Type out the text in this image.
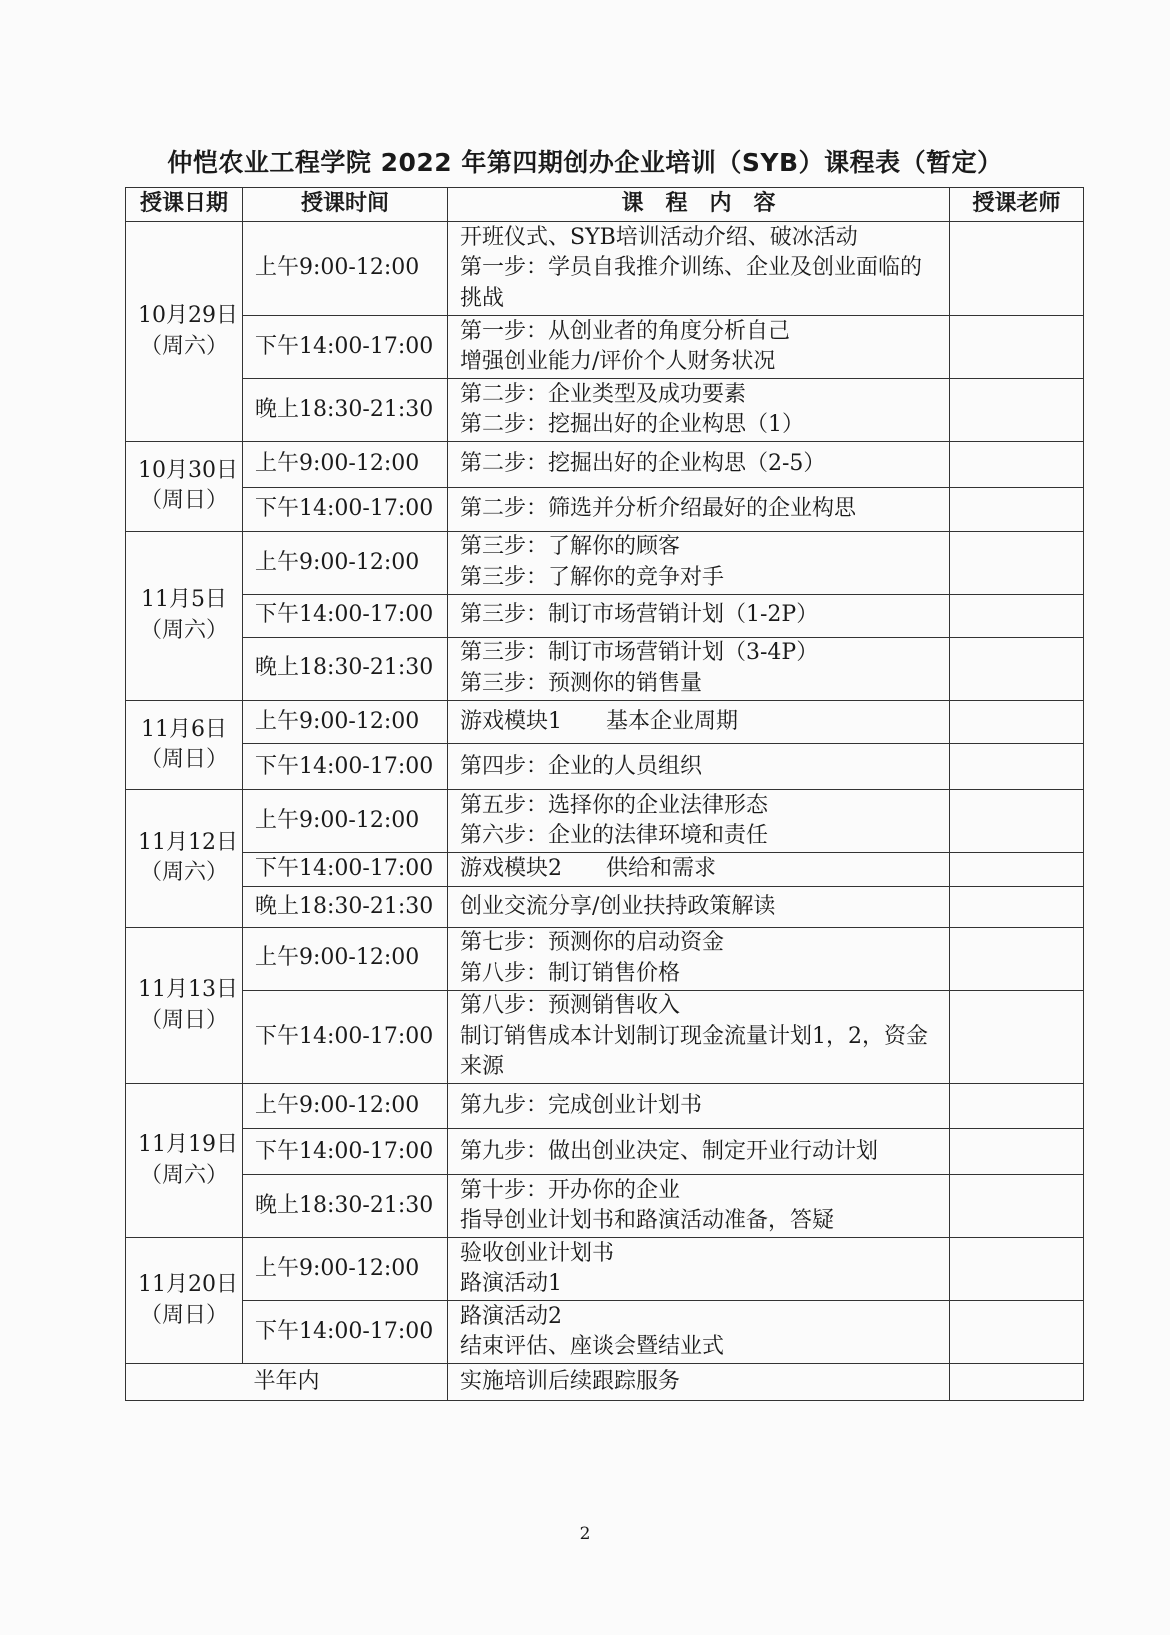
仲恺农业工程学院 2022 年第四期创办企业培训（SYB）课程表（暂定）
授课日期	授课时间	课　程　内　容	授课老师

10月29日
（周六）	上午9:00-12:00	开班仪式、SYB培训活动介绍、破冰活动
第一步：学员自我推介训练、企业及创业面临的挑战	

	下午14:00-17:00	第一步：从创业者的角度分析自己
增强创业能力/评价个人财务状况	

	晚上18:30-21:30	第二步：企业类型及成功要素
第二步：挖掘出好的企业构思（1）	

10月30日
（周日）	上午9:00-12:00	第二步：挖掘出好的企业构思（2-5）	

	下午14:00-17:00	第二步：筛选并分析介绍最好的企业构思	

11月5日
（周六）	上午9:00-12:00	第三步：了解你的顾客
第三步：了解你的竞争对手	

	下午14:00-17:00	第三步：制订市场营销计划（1-2P）	

	晚上18:30-21:30	第三步：制订市场营销计划（3-4P）
第三步：预测你的销售量	

11月6日
（周日）	上午9:00-12:00	游戏模块1　　基本企业周期	

	下午14:00-17:00	第四步：企业的人员组织	

11月12日
（周六）	上午9:00-12:00	第五步：选择你的企业法律形态
第六步：企业的法律环境和责任	

	下午14:00-17:00	游戏模块2　　供给和需求	

	晚上18:30-21:30	创业交流分享/创业扶持政策解读	

11月13日
（周日）	上午9:00-12:00	第七步：预测你的启动资金
第八步：制订销售价格	

	下午14:00-17:00	第八步：预测销售收入
制订销售成本计划制订现金流量计划1，2，资金来源	

11月19日
（周六）	上午9:00-12:00	第九步：完成创业计划书	

	下午14:00-17:00	第九步：做出创业决定、制定开业行动计划	

	晚上18:30-21:30	第十步：开办你的企业
指导创业计划书和路演活动准备，答疑	

11月20日
（周日）	上午9:00-12:00	验收创业计划书
路演活动1	

	下午14:00-17:00	路演活动2
结束评估、座谈会暨结业式	

半年内		实施培训后续跟踪服务	
2
